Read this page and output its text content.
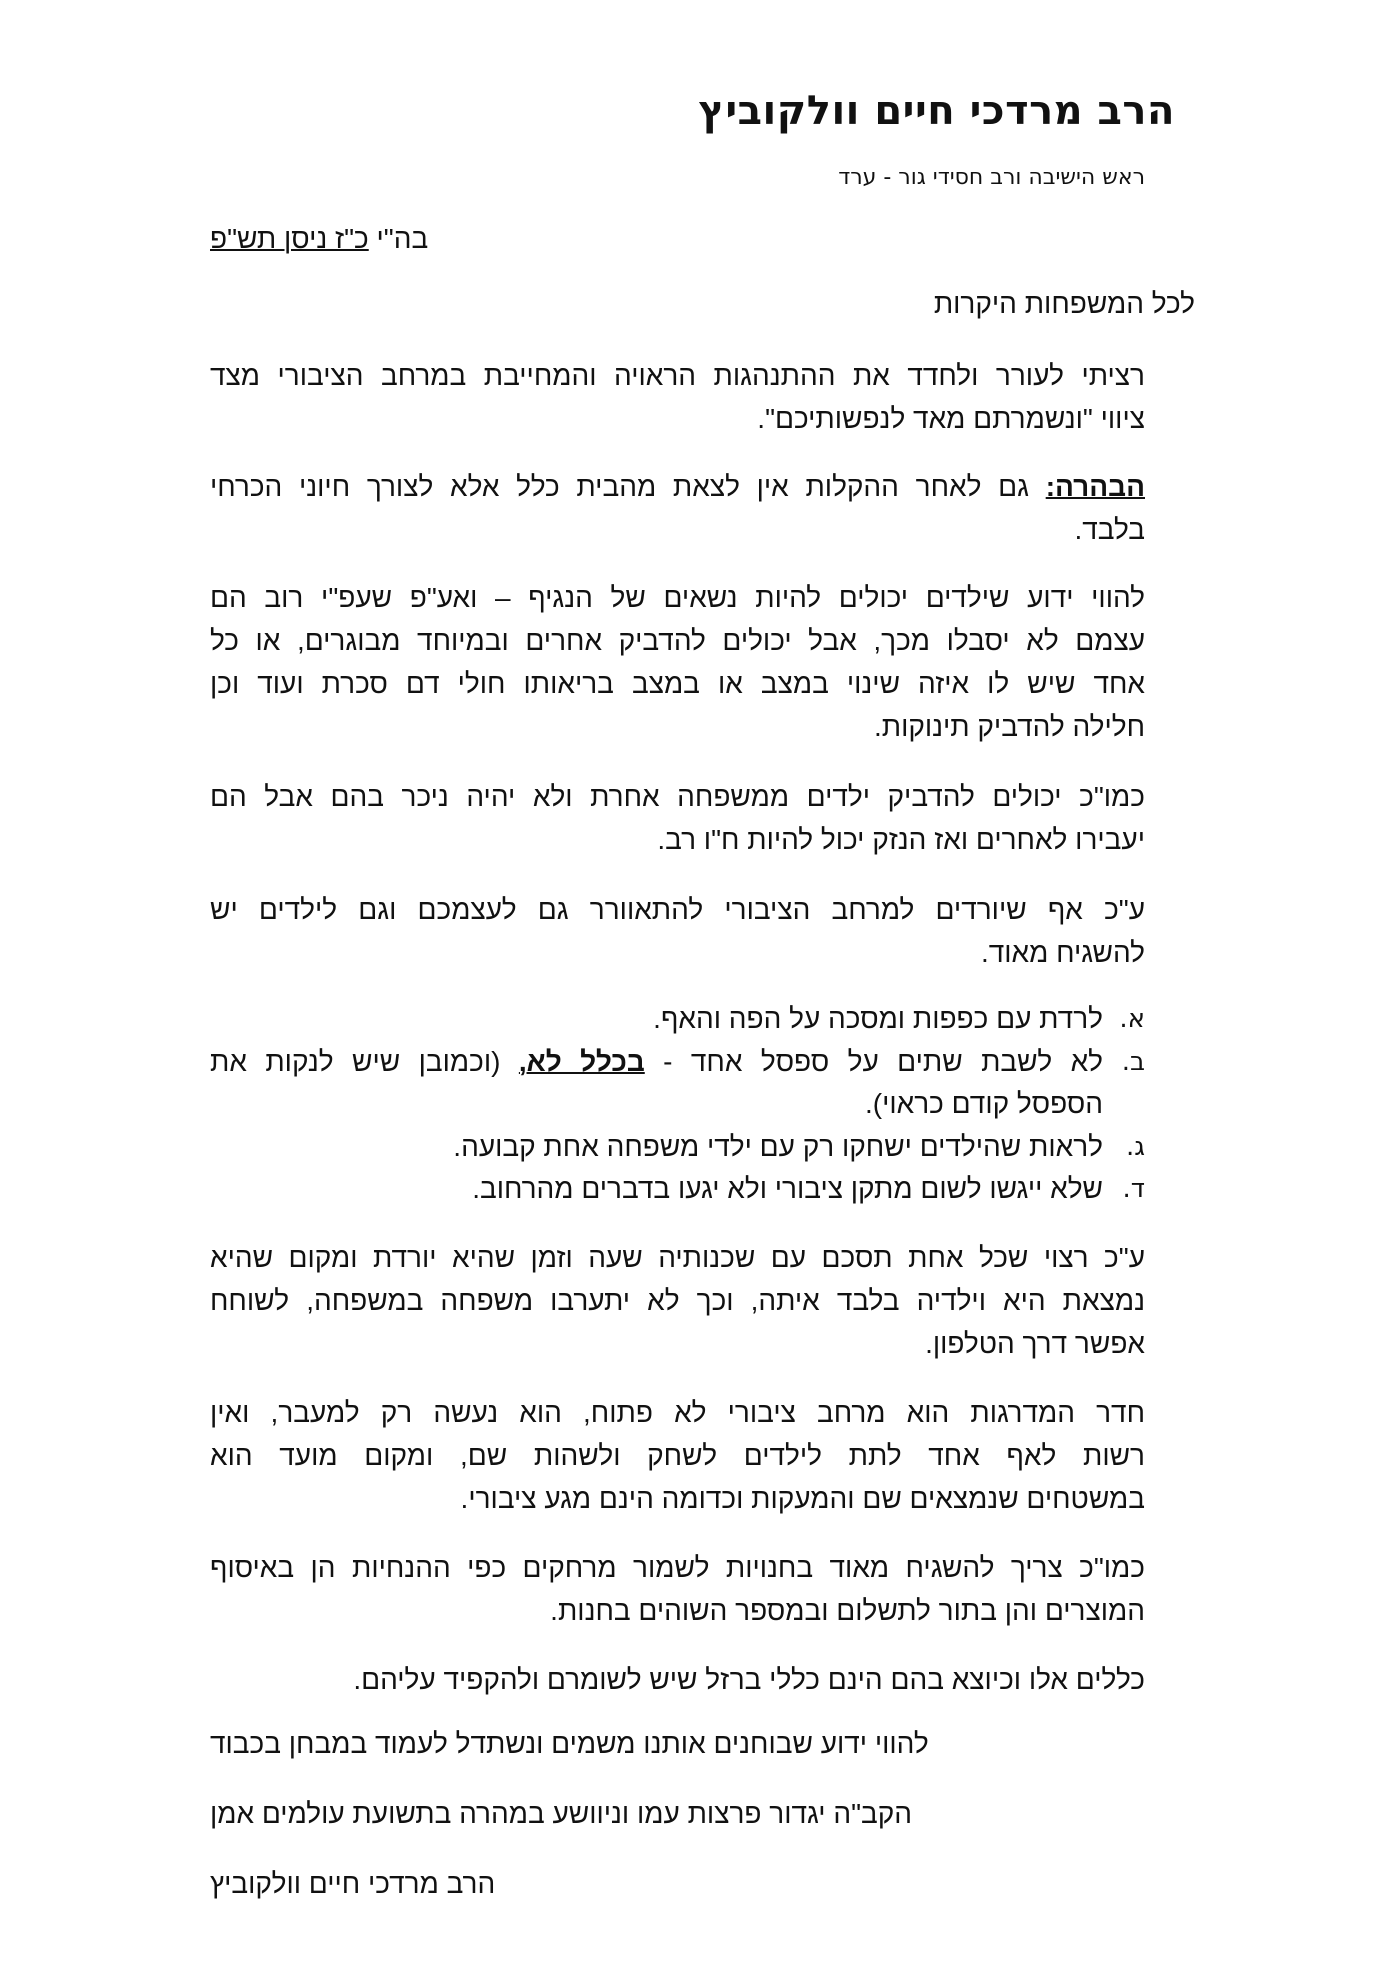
הרב מרדכי חיים וולקוביץ
ראש הישיבה ורב חסידי גור - ערד
בה"י כ"ז ניסן תש"פ
לכל המשפחות היקרות
רציתי לעורר ולחדד את ההתנהגות הראויה והמחייבת במרחב הציבורי מצד
ציווי "ונשמרתם מאד לנפשותיכם".
הבהרה: גם לאחר ההקלות אין לצאת מהבית כלל אלא לצורך חיוני הכרחי
בלבד.
להווי ידוע שילדים יכולים להיות נשאים של הנגיף – ואע"פ שעפ"י רוב הם
עצמם לא יסבלו מכך, אבל יכולים להדביק אחרים ובמיוחד מבוגרים, או כל
אחד שיש לו איזה שינוי במצב או במצב בריאותו חולי דם סכרת ועוד וכן
חלילה להדביק תינוקות.
כמו"כ יכולים להדביק ילדים ממשפחה אחרת ולא יהיה ניכר בהם אבל הם
יעבירו לאחרים ואז הנזק יכול להיות ח"ו רב.
ע"כ אף שיורדים למרחב הציבורי להתאוורר גם לעצמכם וגם לילדים יש
להשגיח מאוד.
א.
לרדת עם כפפות ומסכה על הפה והאף.
ב.
לא לשבת שתים על ספסל אחד - בכלל לא, (וכמובן שיש לנקות את
הספסל קודם כראוי).
ג.
לראות שהילדים ישחקו רק עם ילדי משפחה אחת קבועה.
ד.
שלא ייגשו לשום מתקן ציבורי ולא יגעו בדברים מהרחוב.
ע"כ רצוי שכל אחת תסכם עם שכנותיה שעה וזמן שהיא יורדת ומקום שהיא
נמצאת היא וילדיה בלבד איתה, וכך לא יתערבו משפחה במשפחה, לשוחח
אפשר דרך הטלפון.
חדר המדרגות הוא מרחב ציבורי לא פתוח, הוא נעשה רק למעבר, ואין
רשות לאף אחד לתת לילדים לשחק ולשהות שם, ומקום מועד הוא
במשטחים שנמצאים שם והמעקות וכדומה הינם מגע ציבורי.
כמו"כ צריך להשגיח מאוד בחנויות לשמור מרחקים כפי ההנחיות הן באיסוף
המוצרים והן בתור לתשלום ובמספר השוהים בחנות.
כללים אלו וכיוצא בהם הינם כללי ברזל שיש לשומרם ולהקפיד עליהם.
להווי ידוע שבוחנים אותנו משמים ונשתדל לעמוד במבחן בכבוד
הקב"ה יגדור פרצות עמו וניוושע במהרה בתשועת עולמים אמן
הרב מרדכי חיים וולקוביץ
